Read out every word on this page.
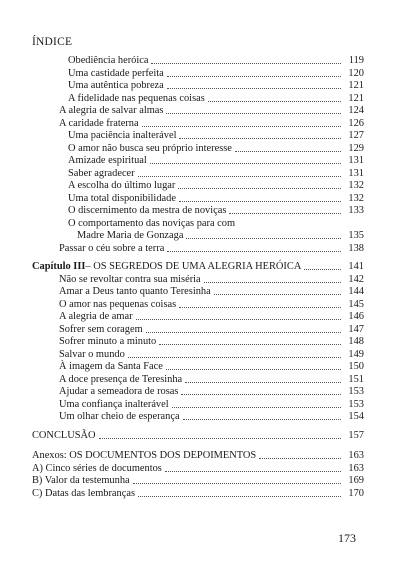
ÍNDICE
Obediência heróica	119
Uma castidade perfeita	120
Uma autêntica pobreza	121
A fidelidade nas pequenas coisas	121
A alegria de salvar almas	124
A caridade fraterna	126
Uma paciência inalterável	127
O amor não busca seu próprio interesse	129
Amizade espiritual	131
Saber agradecer	131
A escolha do último lugar	132
Uma total disponibilidade	132
O discernimento da mestra de noviças	133
O comportamento das noviças para com
Madre Maria de Gonzaga	135
Passar o céu sobre a terra	138
Capítulo III – OS SEGREDOS DE UMA ALEGRIA HERÓICA	141
Não se revoltar contra sua miséria	142
Amar a Deus tanto quanto Teresinha	144
O amor nas pequenas coisas	145
A alegria de amar	146
Sofrer sem coragem	147
Sofrer minuto a minuto	148
Salvar o mundo	149
À imagem da Santa Face	150
A doce presença de Teresinha	151
Ajudar a semeadora de rosas	153
Uma confiança inalterável	153
Um olhar cheio de esperança	154
CONCLUSÃO	157
Anexos: OS DOCUMENTOS DOS DEPOIMENTOS	163
A) Cinco séries de documentos	163
B) Valor da testemunha	169
C) Datas das lembranças	170
173
